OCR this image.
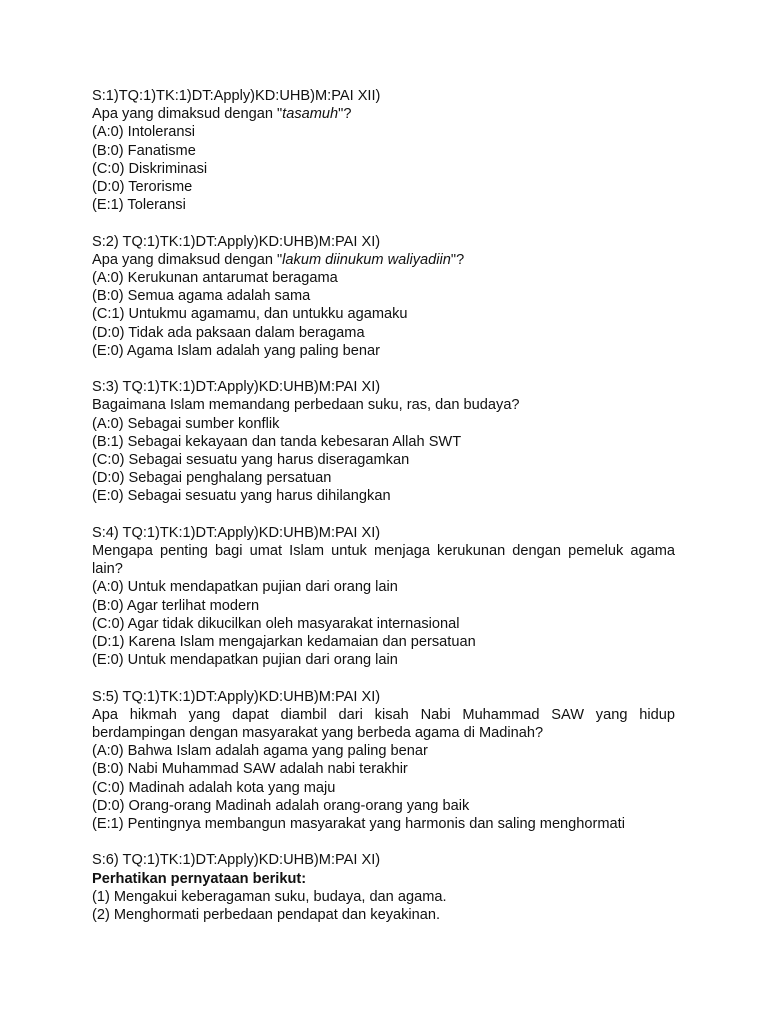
S:1)TQ:1)TK:1)DT:Apply)KD:UHB)M:PAI XII)
Apa yang dimaksud dengan "tasamuh"?
(A:0) Intoleransi
(B:0) Fanatisme
(C:0) Diskriminasi
(D:0) Terorisme
(E:1) Toleransi
S:2) TQ:1)TK:1)DT:Apply)KD:UHB)M:PAI XI)
Apa yang dimaksud dengan "lakum diinukum waliyadiin"?
(A:0) Kerukunan antarumat beragama
(B:0) Semua agama adalah sama
(C:1) Untukmu agamamu, dan untukku agamaku
(D:0) Tidak ada paksaan dalam beragama
(E:0) Agama Islam adalah yang paling benar
S:3) TQ:1)TK:1)DT:Apply)KD:UHB)M:PAI XI)
Bagaimana Islam memandang perbedaan suku, ras, dan budaya?
(A:0) Sebagai sumber konflik
(B:1) Sebagai kekayaan dan tanda kebesaran Allah SWT
(C:0) Sebagai sesuatu yang harus diseragamkan
(D:0) Sebagai penghalang persatuan
(E:0) Sebagai sesuatu yang harus dihilangkan
S:4) TQ:1)TK:1)DT:Apply)KD:UHB)M:PAI XI)
Mengapa penting bagi umat Islam untuk menjaga kerukunan dengan pemeluk agama lain?
(A:0) Untuk mendapatkan pujian dari orang lain
(B:0) Agar terlihat modern
(C:0) Agar tidak dikucilkan oleh masyarakat internasional
(D:1) Karena Islam mengajarkan kedamaian dan persatuan
(E:0) Untuk mendapatkan pujian dari orang lain
S:5) TQ:1)TK:1)DT:Apply)KD:UHB)M:PAI XI)
Apa hikmah yang dapat diambil dari kisah Nabi Muhammad SAW yang hidup berdampingan dengan masyarakat yang berbeda agama di Madinah?
(A:0) Bahwa Islam adalah agama yang paling benar
(B:0) Nabi Muhammad SAW adalah nabi terakhir
(C:0) Madinah adalah kota yang maju
(D:0) Orang-orang Madinah adalah orang-orang yang baik
(E:1) Pentingnya membangun masyarakat yang harmonis dan saling menghormati
S:6) TQ:1)TK:1)DT:Apply)KD:UHB)M:PAI XI)
Perhatikan pernyataan berikut:
(1) Mengakui keberagaman suku, budaya, dan agama.
(2) Menghormati perbedaan pendapat dan keyakinan.
